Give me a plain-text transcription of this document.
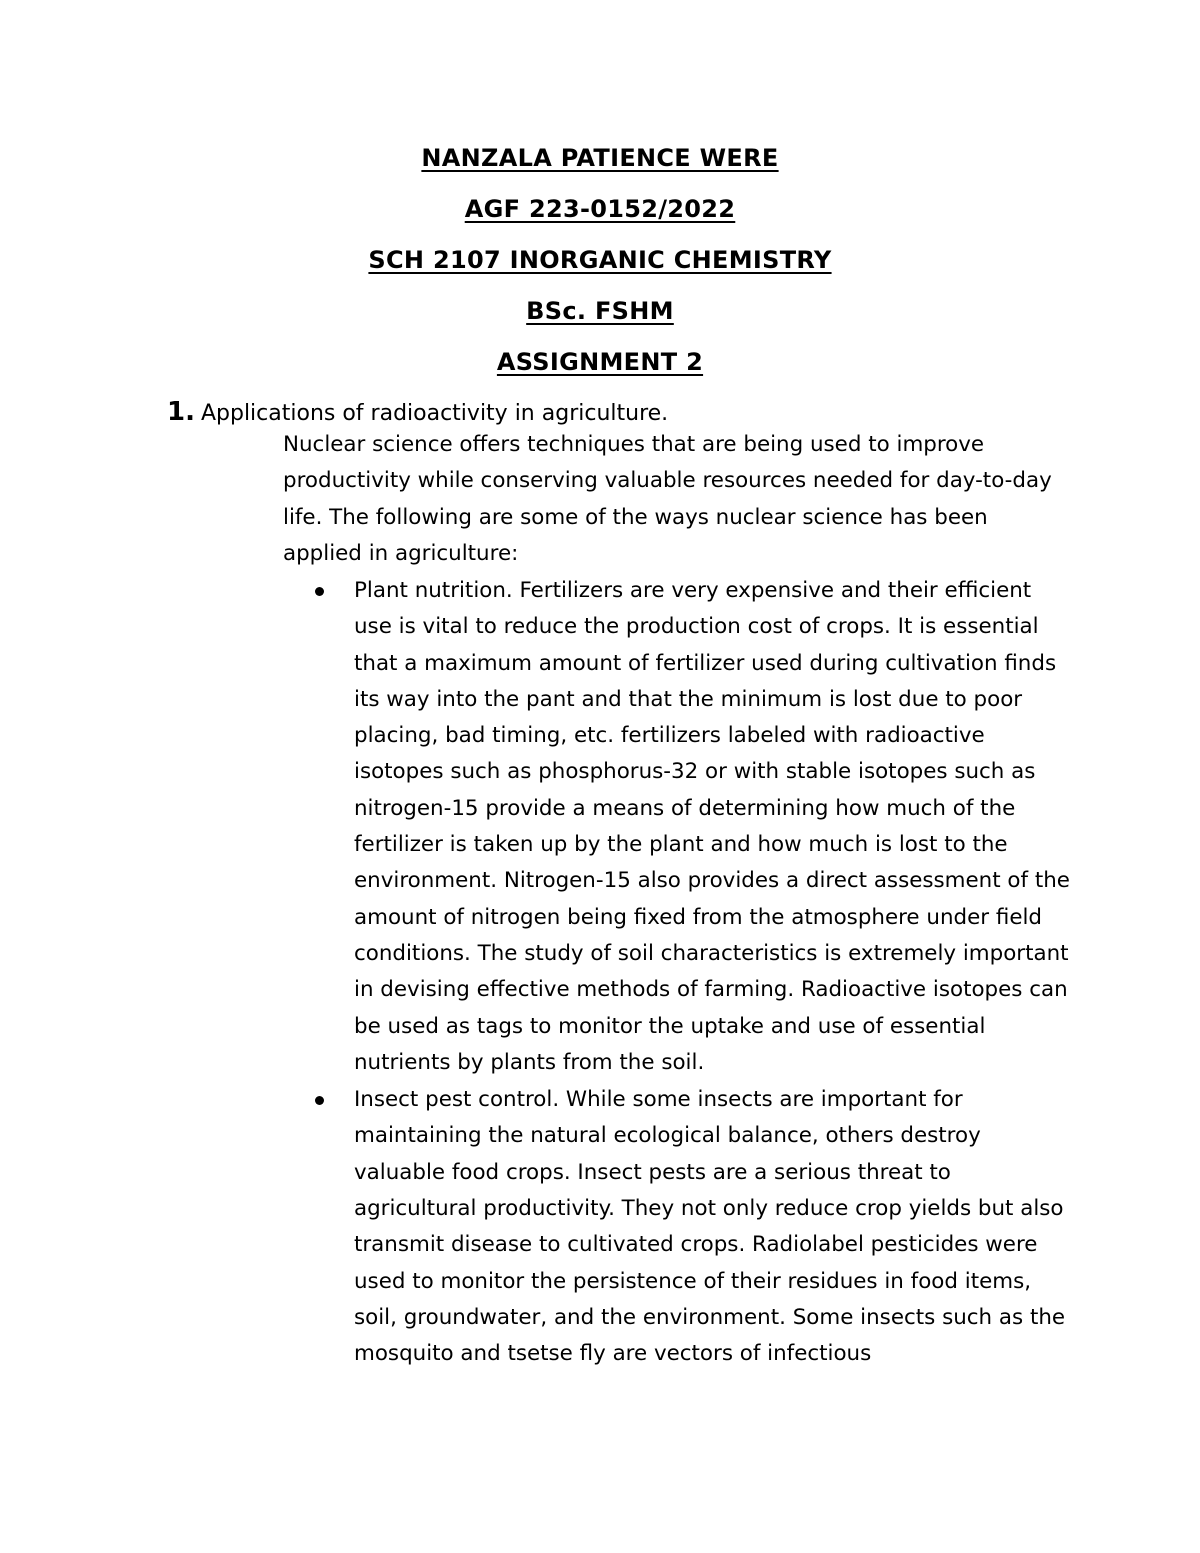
NANZALA PATIENCE WERE
AGF 223-0152/2022
SCH 2107 INORGANIC CHEMISTRY
BSc. FSHM
ASSIGNMENT 2
1. Applications of radioactivity in agriculture.

Nuclear science offers techniques that are being used to improve productivity while conserving valuable resources needed for day-to-day life. The following are some of the ways nuclear science has been applied in agriculture:

Plant nutrition. Fertilizers are very expensive and their efficient use is vital to reduce the production cost of crops. It is essential that a maximum amount of fertilizer used during cultivation finds its way into the pant and that the minimum is lost due to poor placing, bad timing, etc. fertilizers labeled with radioactive isotopes such as phosphorus-32 or with stable isotopes such as nitrogen-15 provide a means of determining how much of the fertilizer is taken up by the plant and how much is lost to the environment. Nitrogen-15 also provides a direct assessment of the amount of nitrogen being fixed from the atmosphere under field conditions. The study of soil characteristics is extremely important in devising effective methods of farming. Radioactive isotopes can be used as tags to monitor the uptake and use of essential nutrients by plants from the soil.
Insect pest control. While some insects are important for maintaining the natural ecological balance, others destroy valuable food crops. Insect pests are a serious threat to agricultural productivity. They not only reduce crop yields but also transmit disease to cultivated crops. Radiolabel pesticides were used to monitor the persistence of their residues in food items, soil, groundwater, and the environment. Some insects such as the mosquito and tsetse fly are vectors of infectious
